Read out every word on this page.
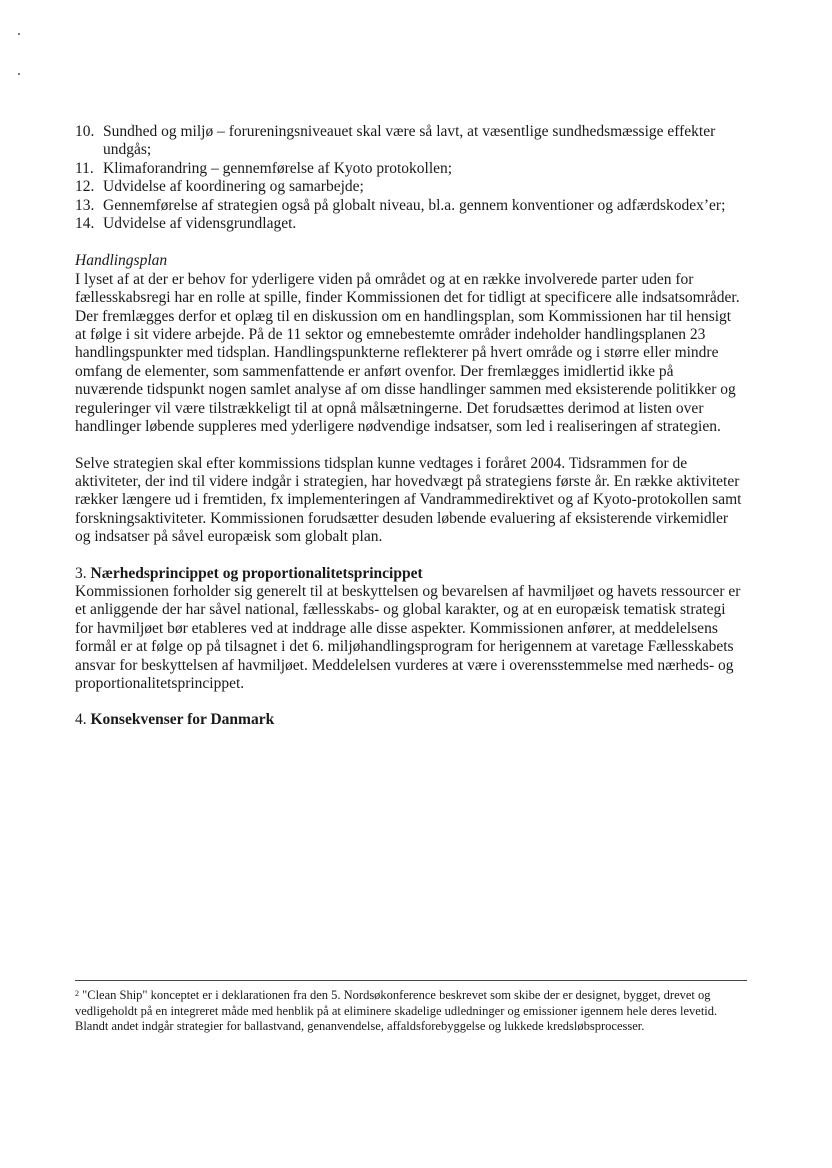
10. Sundhed og miljø – forureningsniveauet skal være så lavt, at væsentlige sundhedsmæssige effekter undgås;
11. Klimaforandring – gennemførelse af Kyoto protokollen;
12. Udvidelse af koordinering og samarbejde;
13. Gennemførelse af strategien også på globalt niveau, bl.a. gennem konventioner og adfærdskodex’er;
14. Udvidelse af vidensgrundlaget.
Handlingsplan

I lyset af at der er behov for yderligere viden på området og at en række involverede parter uden for fællesskabsregi har en rolle at spille, finder Kommissionen det for tidligt at specificere alle indsatsområder. Der fremlægges derfor et oplæg til en diskussion om en handlingsplan, som Kommissionen har til hensigt at følge i sit videre arbejde. På de 11 sektor og emnebestemte områder indeholder handlingsplanen 23 handlingspunkter med tidsplan. Handlingspunkterne reflekterer på hvert område og i større eller mindre omfang de elementer, som sammenfattende er anført ovenfor. Der fremlægges imidlertid ikke på nuværende tidspunkt nogen samlet analyse af om disse handlinger sammen med eksisterende politikker og reguleringer vil være tilstrækkeligt til at opnå målsætningerne. Det forudsættes derimod at listen over handlinger løbende suppleres med yderligere nødvendige indsatser, som led i realiseringen af strategien.

Selve strategien skal efter kommissions tidsplan kunne vedtages i foråret 2004. Tidsrammen for de aktiviteter, der ind til videre indgår i strategien, har hovedvægt på strategiens første år. En række aktiviteter rækker længere ud i fremtiden, fx implementeringen af Vandrammedirektivet og af Kyoto-protokollen samt forskningsaktiviteter. Kommissionen forudsætter desuden løbende evaluering af eksisterende virkemidler og indsatser på såvel europæisk som globalt plan.

3. Nærhedsprincippet og proportionalitetsprincippet

Kommissionen forholder sig generelt til at beskyttelsen og bevarelsen af havmiljøet og havets ressourcer er et anliggende der har såvel national, fællesskabs- og global karakter, og at en europæisk tematisk strategi for havmiljøet bør etableres ved at inddrage alle disse aspekter. Kommissionen anfører, at meddelelsens formål er at følge op på tilsagnet i det 6. miljøhandlingsprogram for herigennem at varetage Fællesskabets ansvar for beskyttelsen af havmiljøet. Meddelelsen vurderes at være i overensstemmelse med nærheds- og proportionalitetsprincippet.

4. Konsekvenser for Danmark
$^2$ "Clean Ship" konceptet er i deklarationen fra den 5. Nordsøkonference beskrevet som skibe der er designet, bygget, drevet og vedligeholdt på en integreret måde med henblik på at eliminere skadelige udledninger og emissioner igennem hele deres levetid. Blandt andet indgår strategier for ballastvand, genanvendelse, affaldsforebyggelse og lukkede kredsløbsprocesser.
